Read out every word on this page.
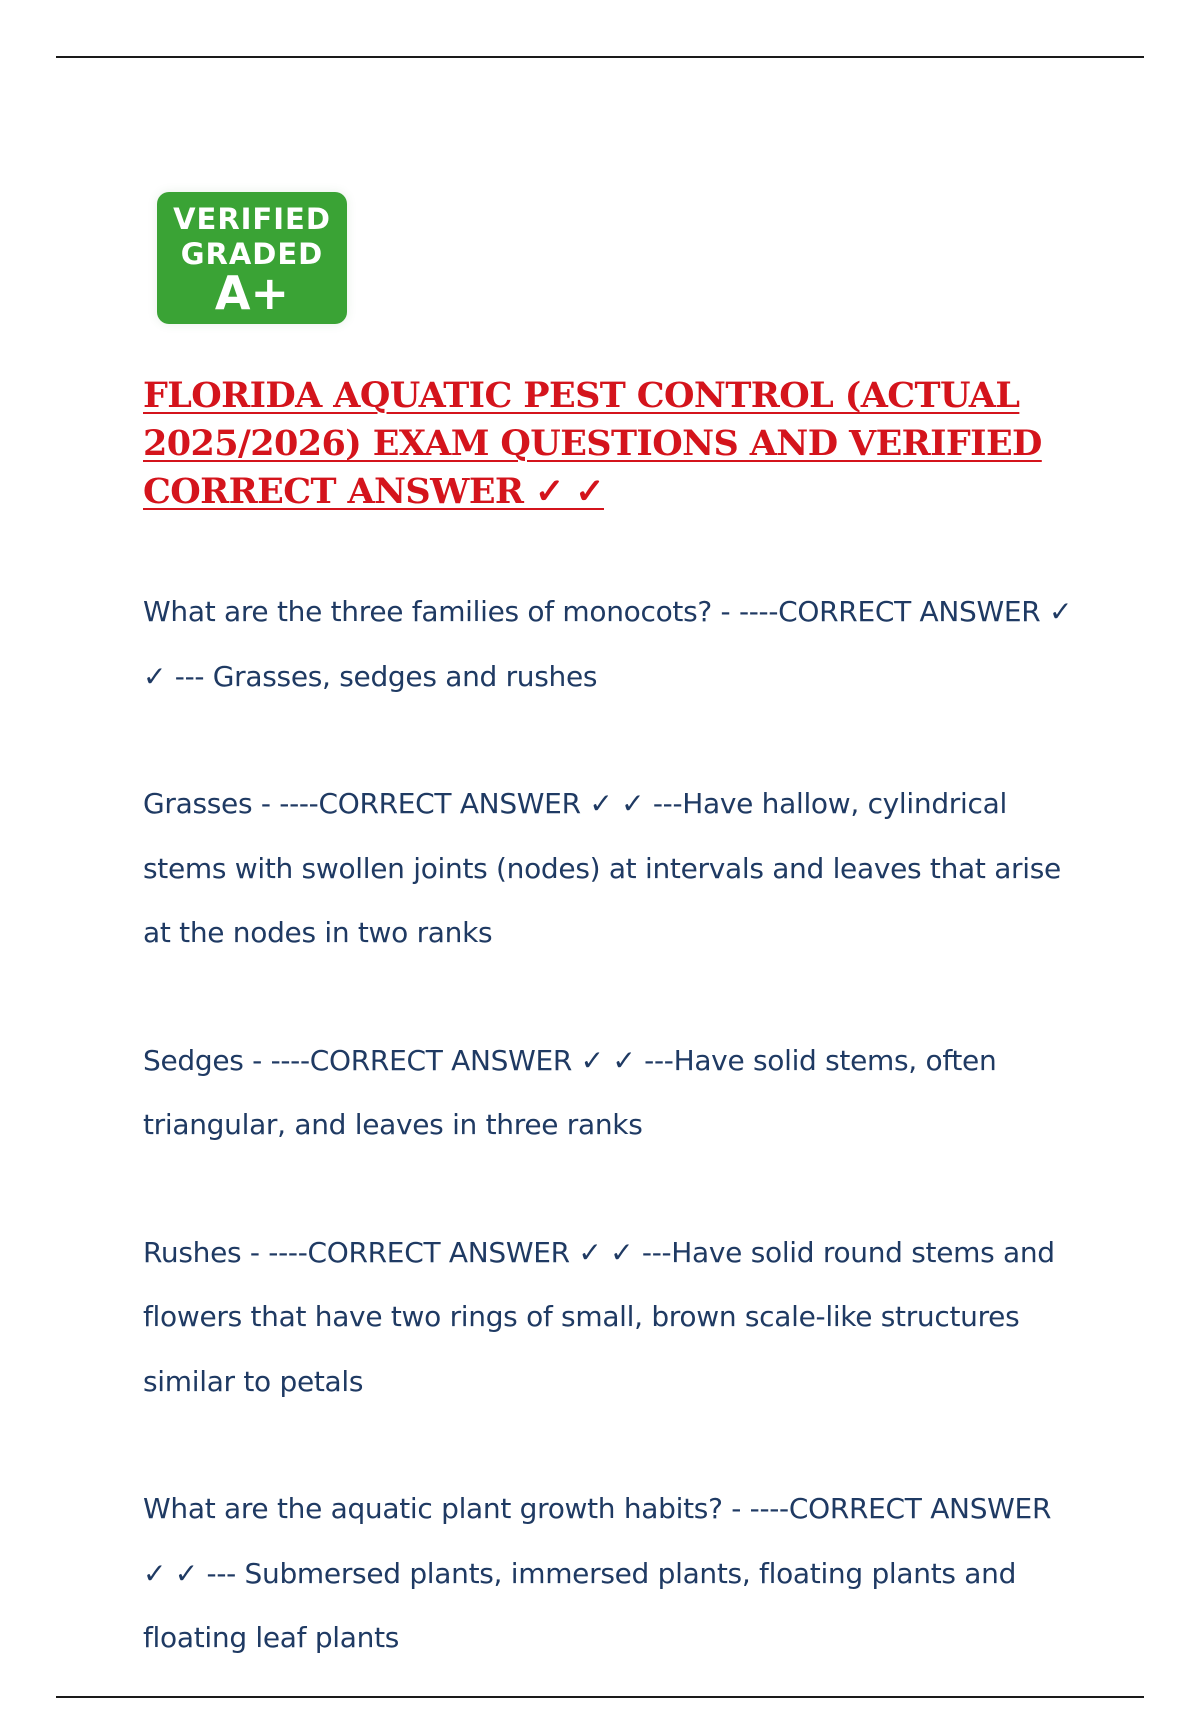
VERIFIED
GRADED
A+
FLORIDA AQUATIC PEST CONTROL (ACTUAL 2025/2026) EXAM QUESTIONS AND VERIFIED CORRECT ANSWER ✓ ✓

What are the three families of monocots? - ----CORRECT ANSWER ✓ ✓ --- Grasses, sedges and rushes

Grasses - ----CORRECT ANSWER ✓ ✓ ---Have hallow, cylindrical stems with swollen joints (nodes) at intervals and leaves that arise at the nodes in two ranks

Sedges - ----CORRECT ANSWER ✓ ✓ ---Have solid stems, often triangular, and leaves in three ranks

Rushes - ----CORRECT ANSWER ✓ ✓ ---Have solid round stems and flowers that have two rings of small, brown scale-like structures similar to petals

What are the aquatic plant growth habits? - ----CORRECT ANSWER ✓ ✓ --- Submersed plants, immersed plants, floating plants and floating leaf plants
